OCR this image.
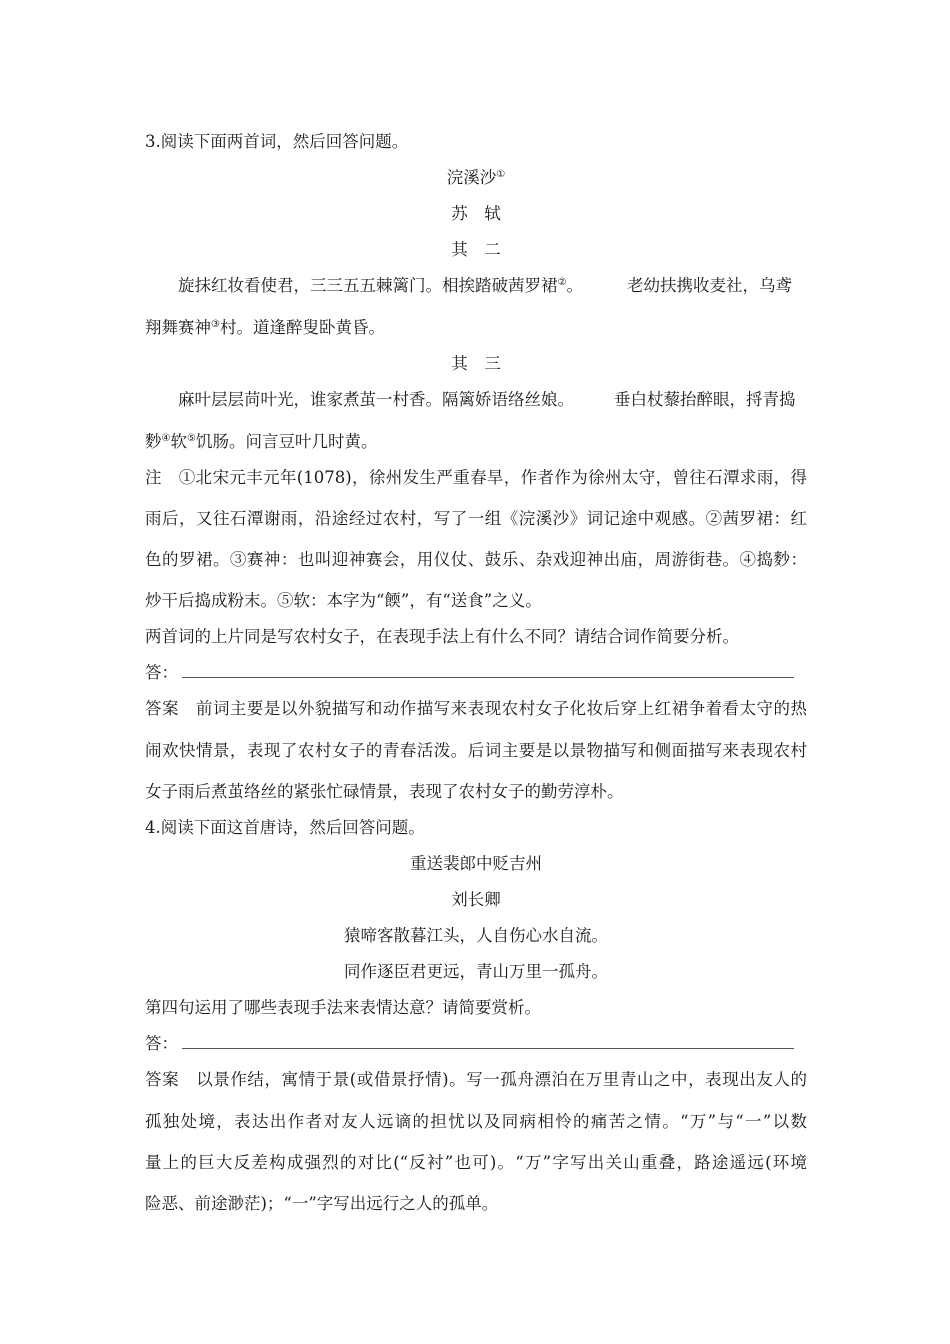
3.阅读下面两首词，然后回答问题。
浣溪沙①
苏　轼
其　二
旋抹红妆看使君，三三五五棘篱门。相挨踏破茜罗裙②。	老幼扶携收麦社，乌鸢
翔舞赛神③村。道逢醉叟卧黄昏。
其　三
麻叶层层苘叶光，谁家煮茧一村香。隔篱娇语络丝娘。 垂白杖藜抬醉眼，捋青捣
麨④软⑤饥肠。问言豆叶几时黄。
注　①北宋元丰元年(1078)，徐州发生严重春旱，作者作为徐州太守，曾往石潭求雨，得
雨后，又往石潭谢雨，沿途经过农村，写了一组《浣溪沙》词记途中观感。②茜罗裙：红
色的罗裙。③赛神：也叫迎神赛会，用仪仗、鼓乐、杂戏迎神出庙，周游街巷。④捣麨：
炒干后捣成粉末。⑤软：本字为“餪”，有“送食”之义。
两首词的上片同是写农村女子，在表现手法上有什么不同？请结合词作简要分析。
答：
答案　前词主要是以外貌描写和动作描写来表现农村女子化妆后穿上红裙争着看太守的热
闹欢快情景，表现了农村女子的青春活泼。后词主要是以景物描写和侧面描写来表现农村
女子雨后煮茧络丝的紧张忙碌情景，表现了农村女子的勤劳淳朴。
4.阅读下面这首唐诗，然后回答问题。
重送裴郎中贬吉州
刘长卿
猿啼客散暮江头，人自伤心水自流。
同作逐臣君更远，青山万里一孤舟。
第四句运用了哪些表现手法来表情达意？请简要赏析。
答：
答案　以景作结，寓情于景(或借景抒情)。写一孤舟漂泊在万里青山之中，表现出友人的
孤独处境，表达出作者对友人远谪的担忧以及同病相怜的痛苦之情。“万”与“一”以数
量上的巨大反差构成强烈的对比(“反衬”也可)。“万”字写出关山重叠，路途遥远(环境
险恶、前途渺茫)；“一”字写出远行之人的孤单。
